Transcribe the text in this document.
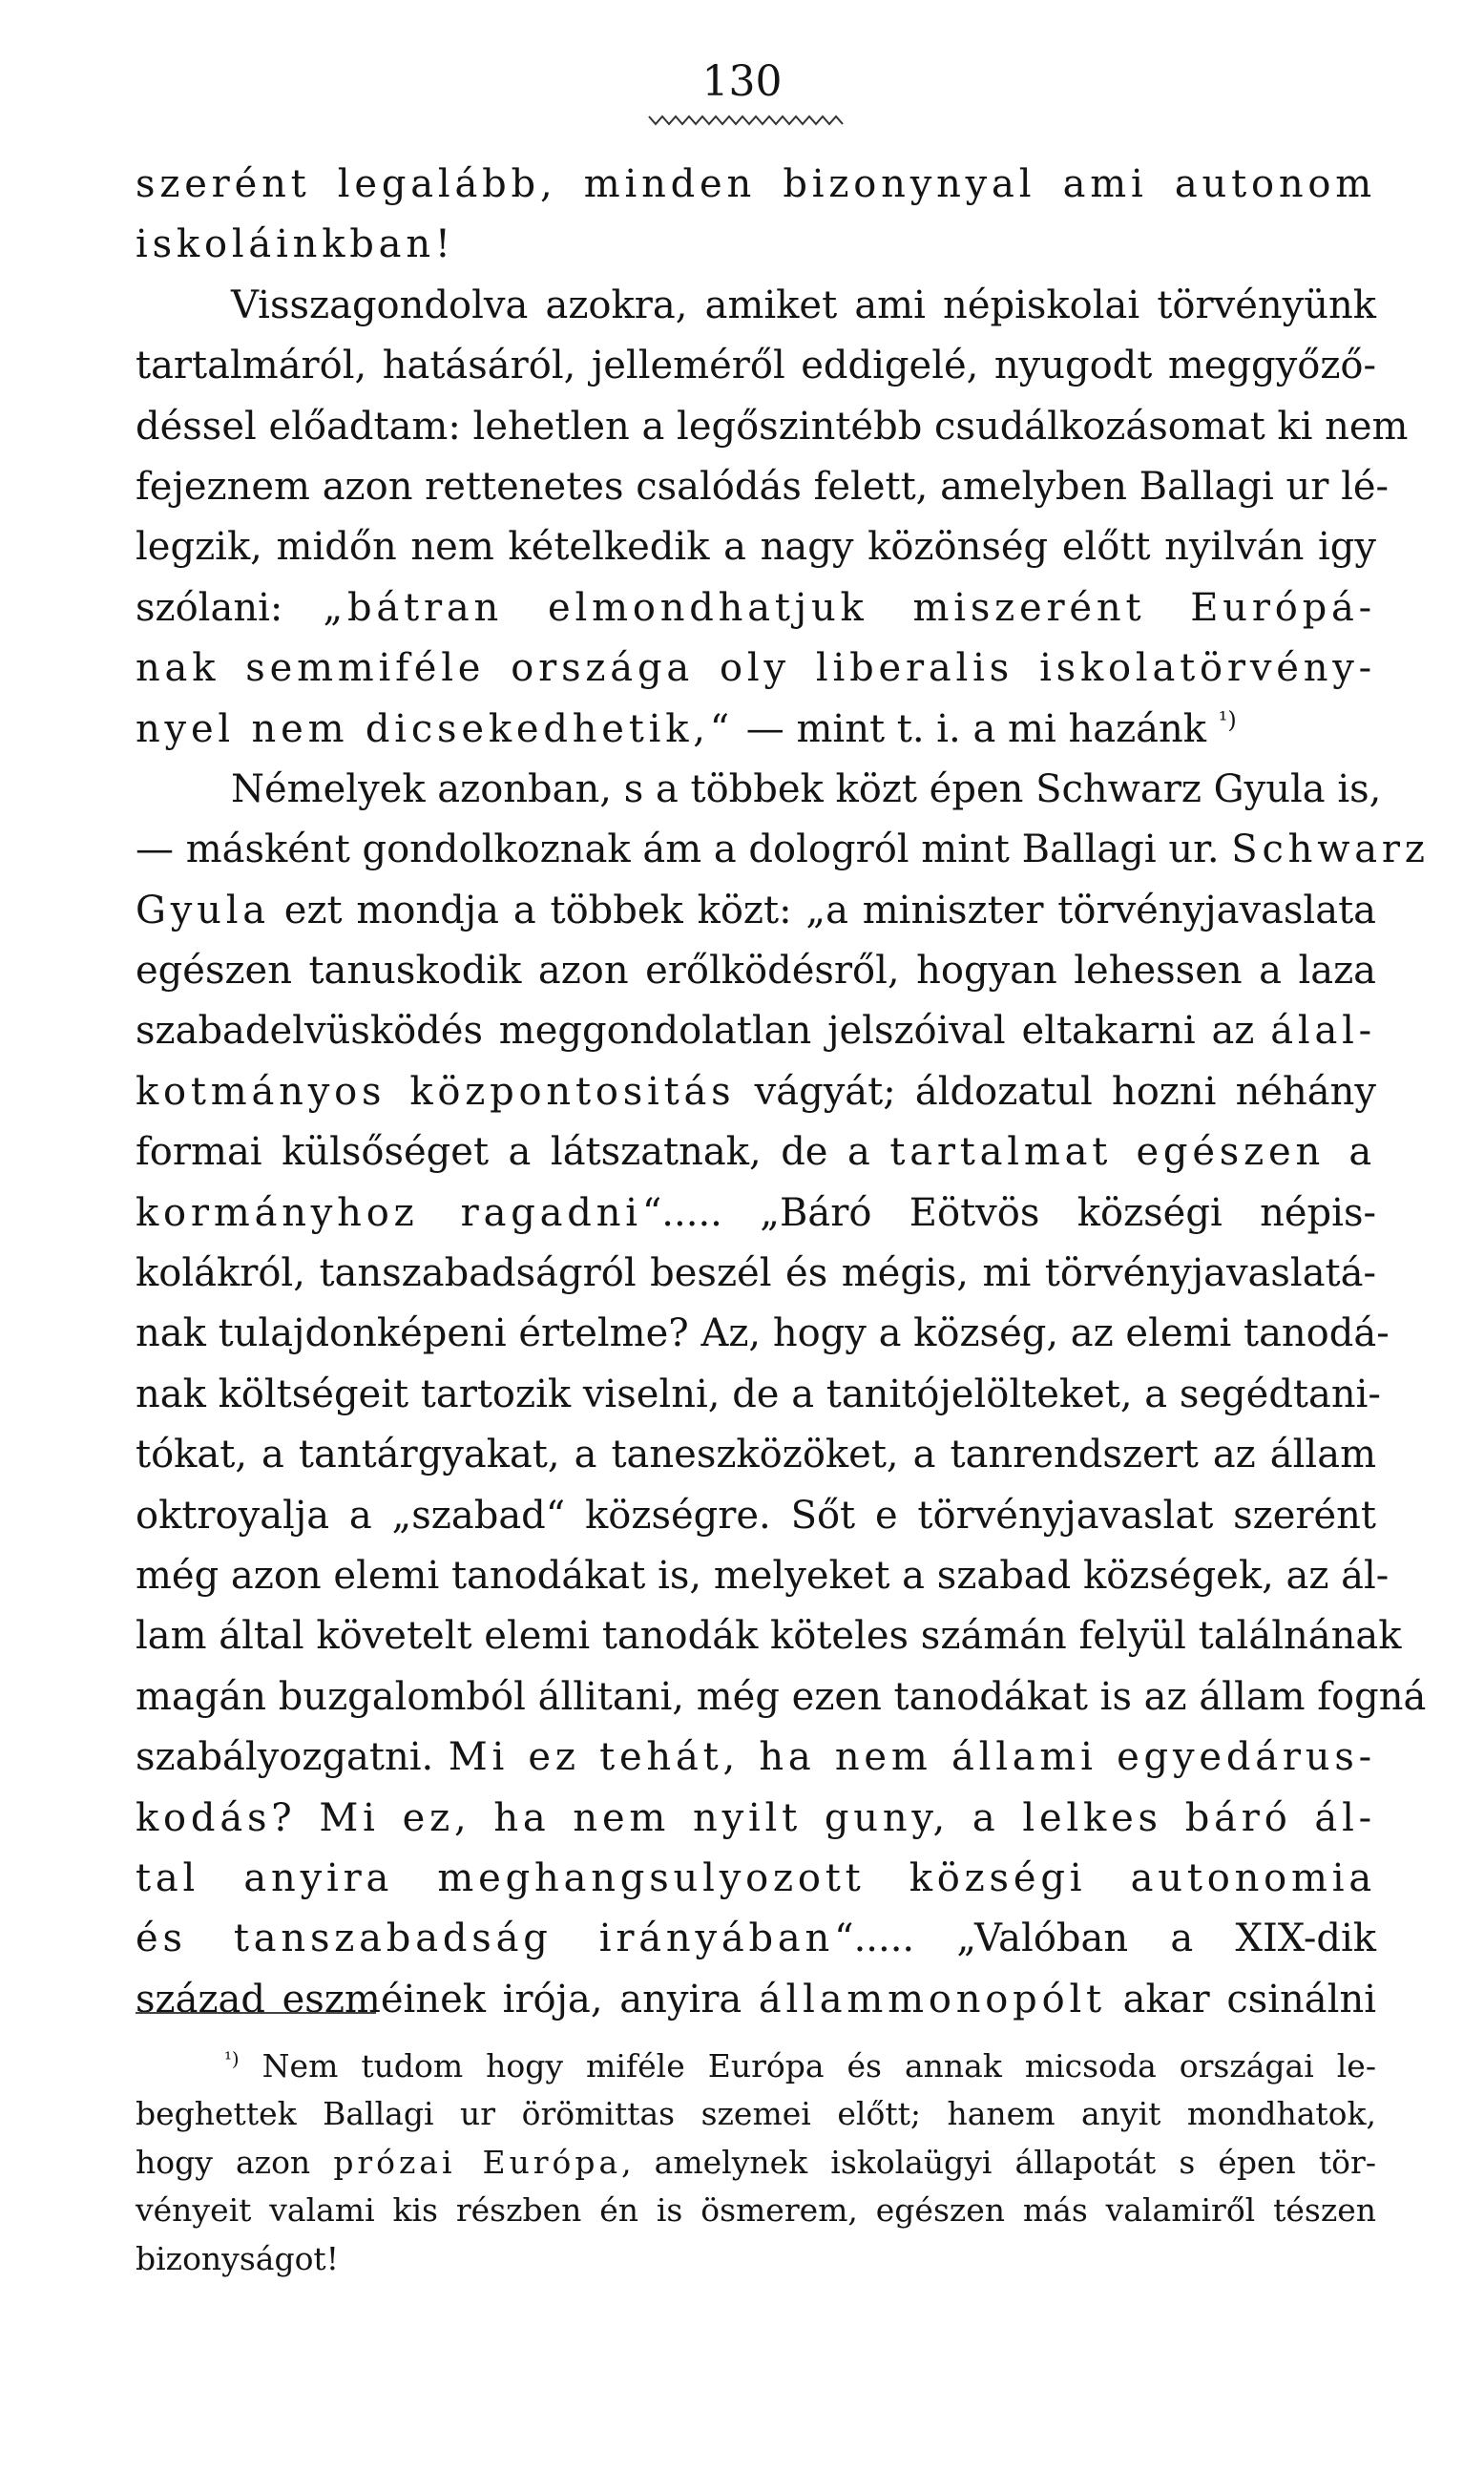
130
szerént legalább, minden bizonynyal ami autonom
iskoláinkban!
Visszagondolva azokra, amiket ami népiskolai törvényünk
tartalmáról, hatásáról, jelleméről eddigelé, nyugodt meggyőző-
déssel előadtam: lehetlen a legőszintébb csudálkozásomat ki nem
fejeznem azon rettenetes csalódás felett, amelyben Ballagi ur lé-
legzik, midőn nem kételkedik a nagy közönség előtt nyilván igy
szólani: „bátran elmondhatjuk miszerént Európá-
nak semmiféle országa oly liberalis iskolatörvény-
nyel nem dicsekedhetik,“ — mint t. i. a mi hazánk $^{^1)}$
Némelyek azonban, s a többek közt épen Schwarz Gyula is,
— másként gondolkoznak ám a dologról mint Ballagi ur. Schwarz
Gyula ezt mondja a többek közt: „a miniszter törvényjavaslata
egészen tanuskodik azon erőlködésről, hogyan lehessen a laza
szabadelvüsködés meggondolatlan jelszóival eltakarni az álal-
kotmányos központositás vágyát; áldozatul hozni néhány
formai külsőséget a látszatnak, de a tartalmat egészen a
kormányhoz ragadni“..... „Báró Eötvös községi népis-
kolákról, tanszabadságról beszél és mégis, mi törvényjavaslatá-
nak tulajdonképeni értelme? Az, hogy a község, az elemi tanodá-
nak költségeit tartozik viselni, de a tanitójelölteket, a segédtani-
tókat, a tantárgyakat, a taneszközöket, a tanrendszert az állam
oktroyalja a „szabad“ községre. Sőt e törvényjavaslat szerént
még azon elemi tanodákat is, melyeket a szabad községek, az ál-
lam által követelt elemi tanodák köteles számán felyül találnának
magán buzgalomból állitani, még ezen tanodákat is az állam fogná
szabályozgatni. Mi ez tehát, ha nem állami egyedárus-
kodás? Mi ez, ha nem nyilt guny, a lelkes báró ál-
tal anyira meghangsulyozott községi autonomia
és tanszabadság irányában“..... „Valóban a XIX-dik
század eszméinek irója, anyira állammonopólt akar csinálni
$^{^1)}$ Nem tudom hogy miféle Európa és annak micsoda országai le-
beghettek Ballagi ur örömittas szemei előtt; hanem anyit mondhatok,
hogy azon prózai Európa, amelynek iskolaügyi állapotát s épen tör-
vényeit valami kis részben én is ösmerem, egészen más valamiről tészen
bizonyságot!
